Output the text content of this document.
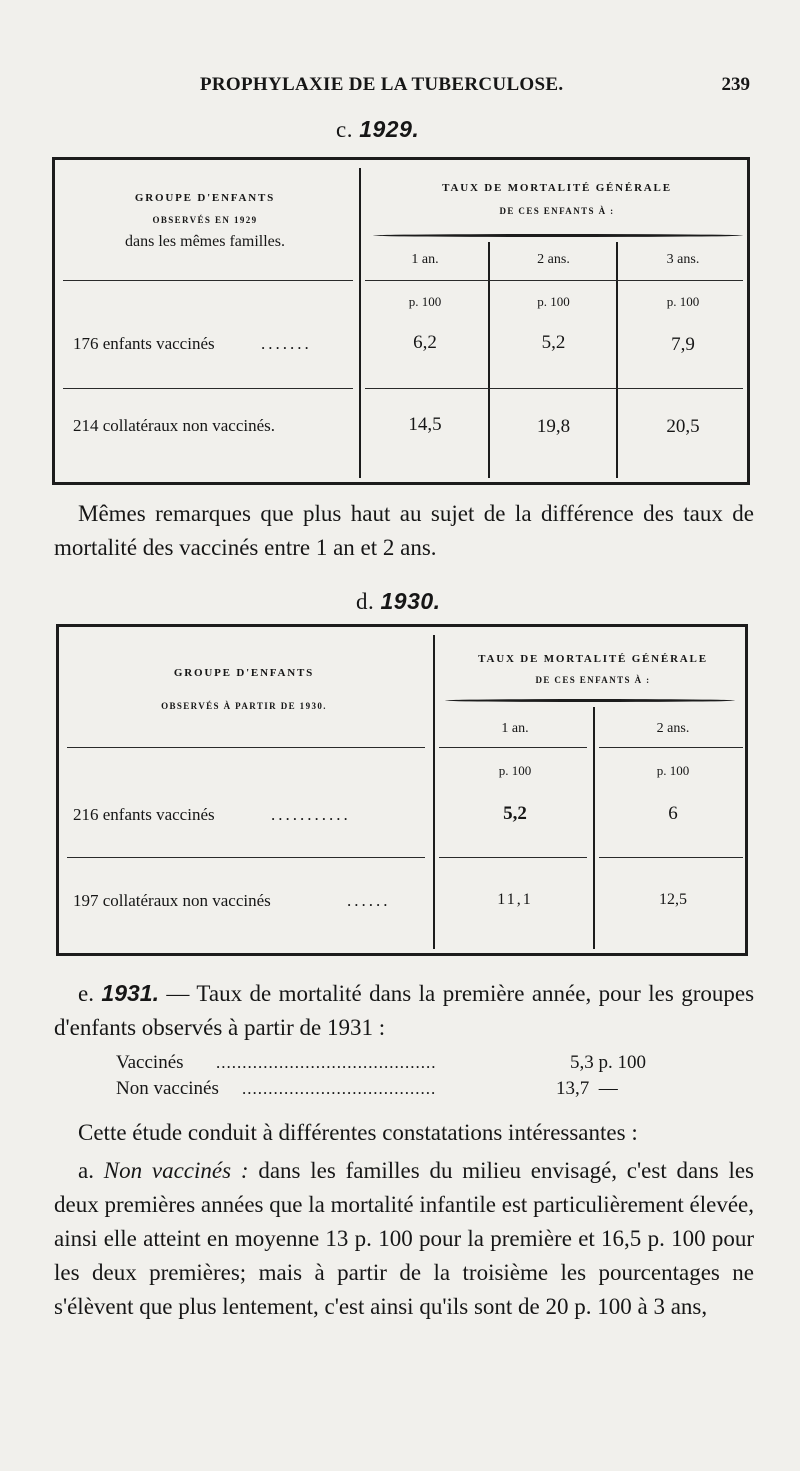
PROPHYLAXIE DE LA TUBERCULOSE.	239
c. 1929.
GROUPE D'ENFANTS
OBSERVÉS EN 1929
dans les mêmes familles.
TAUX DE MORTALITÉ GÉNÉRALE
DE CES ENFANTS À :
1 an.	2 ans.	3 ans.
p. 100	p. 100	p. 100
176 enfants vaccinés	.......	6,2	5,2	7,9
214 collatéraux non vaccinés.	14,5	19,8	20,5
Mêmes remarques que plus haut au sujet de la différence des taux de mortalité des vaccinés entre 1 an et 2 ans.
d. 1930.
GROUPE D'ENFANTS
OBSERVÉS À PARTIR DE 1930.
TAUX DE MORTALITÉ GÉNÉRALE
DE CES ENFANTS À :
1 an.	2 ans.
p. 100	p. 100
216 enfants vaccinés	...........	5,2	6
197 collatéraux non vaccinés	......	11,1	12,5
e. 1931. — Taux de mortalité dans la première année, pour les groupes d'enfants observés à partir de 1931 :
Vaccinés ..........................................	5,3 p. 100
Non vaccinés .....................................	13,7  —
Cette étude conduit à différentes constatations intéressantes :
a. Non vaccinés : dans les familles du milieu envisagé, c'est dans les deux premières années que la mortalité infantile est particulièrement élevée, ainsi elle atteint en moyenne 13 p. 100 pour la première et 16,5 p. 100 pour les deux premières; mais à partir de la troisième les pourcentages ne s'élèvent que plus lentement, c'est ainsi qu'ils sont de 20 p. 100 à 3 ans,
